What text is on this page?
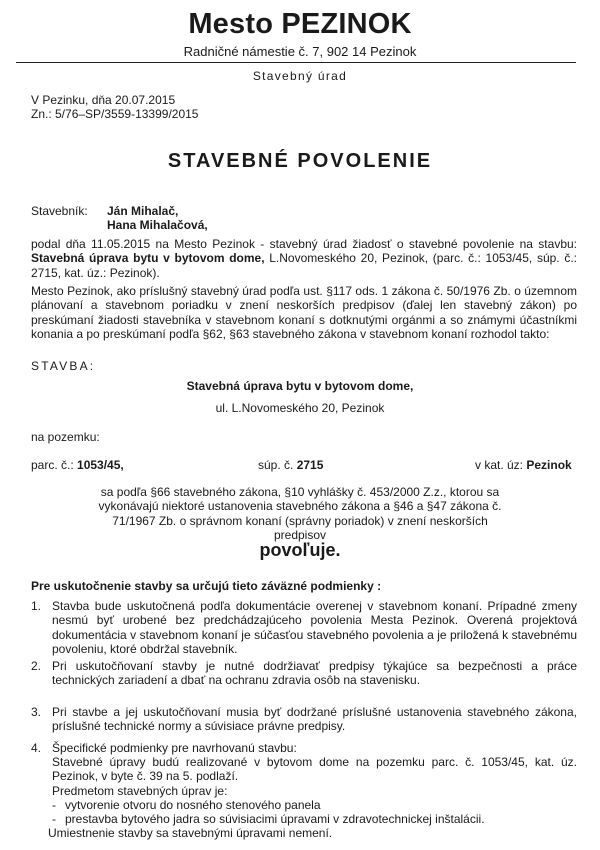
Mesto PEZINOK
Radničné námestie č. 7, 902 14 Pezinok
Stavebný úrad
V Pezinku, dňa 20.07.2015
Zn.: 5/76–SP/3559-13399/2015
STAVEBNÉ POVOLENIE
Stavebník: Ján Mihalač,
Hana Mihalačová,
podal dňa 11.05.2015 na Mesto Pezinok - stavebný úrad žiadosť o stavebné povolenie na stavbu: Stavebná úprava bytu v bytovom dome, L.Novomeského 20, Pezinok, (parc. č.: 1053/45, súp. č.: 2715, kat. úz.: Pezinok).
Mesto Pezinok, ako príslušný stavebný úrad podľa ust. §117 ods. 1 zákona č. 50/1976 Zb. o územnom plánovaní a stavebnom poriadku v znení neskorších predpisov (ďalej len stavebný zákon) po preskúmaní žiadosti stavebníka v stavebnom konaní s dotknutými orgánmi a so známymi účastníkmi konania a po preskúmaní podľa §62, §63 stavebného zákona v stavebnom konaní rozhodol takto:
STAVBA:
Stavebná úprava bytu v bytovom dome,
ul. L.Novomeského 20, Pezinok
na pozemku:
parc. č.: 1053/45,	súp. č. 2715	v kat. úz: Pezinok
sa podľa §66 stavebného zákona, §10 vyhlášky č. 453/2000 Z.z., ktorou sa vykonávajú niektoré ustanovenia stavebného zákona a §46 a §47 zákona č. 71/1967 Zb. o správnom konaní (správny poriadok) v znení neskorších predpisov
povoľuje.
Pre uskutočnenie stavby sa určujú tieto záväzné podmienky :
1. Stavba bude uskutočnená podľa dokumentácie overenej v stavebnom konaní. Prípadné zmeny nesmú byť urobené bez predchádzajúceho povolenia Mesta Pezinok. Overená projektová dokumentácia v stavebnom konaní je súčasťou stavebného povolenia a je priložená k stavebnému povoleniu, ktoré obdržal stavebník.
2. Pri uskutočňovaní stavby je nutné dodržiavať predpisy týkajúce sa bezpečnosti a práce technických zariadení a dbať na ochranu zdravia osôb na stavenisku.
3. Pri stavbe a jej uskutočňovaní musia byť dodržané príslušné ustanovenia stavebného zákona, príslušné technické normy a súvisiace právne predpisy.
4. Špecifické podmienky pre navrhovanú stavbu:
Stavebné úpravy budú realizované v bytovom dome na pozemku parc. č. 1053/45, kat. úz. Pezinok, v byte č. 39 na 5. podlaží.
Predmetom stavebných úprav je:
- vytvorenie otvoru do nosného stenového panela
- prestavba bytového jadra so súvisiacimi úpravami v zdravotechnickej inštalácii.
Umiestnenie stavby sa stavebnými úpravami nemení.
